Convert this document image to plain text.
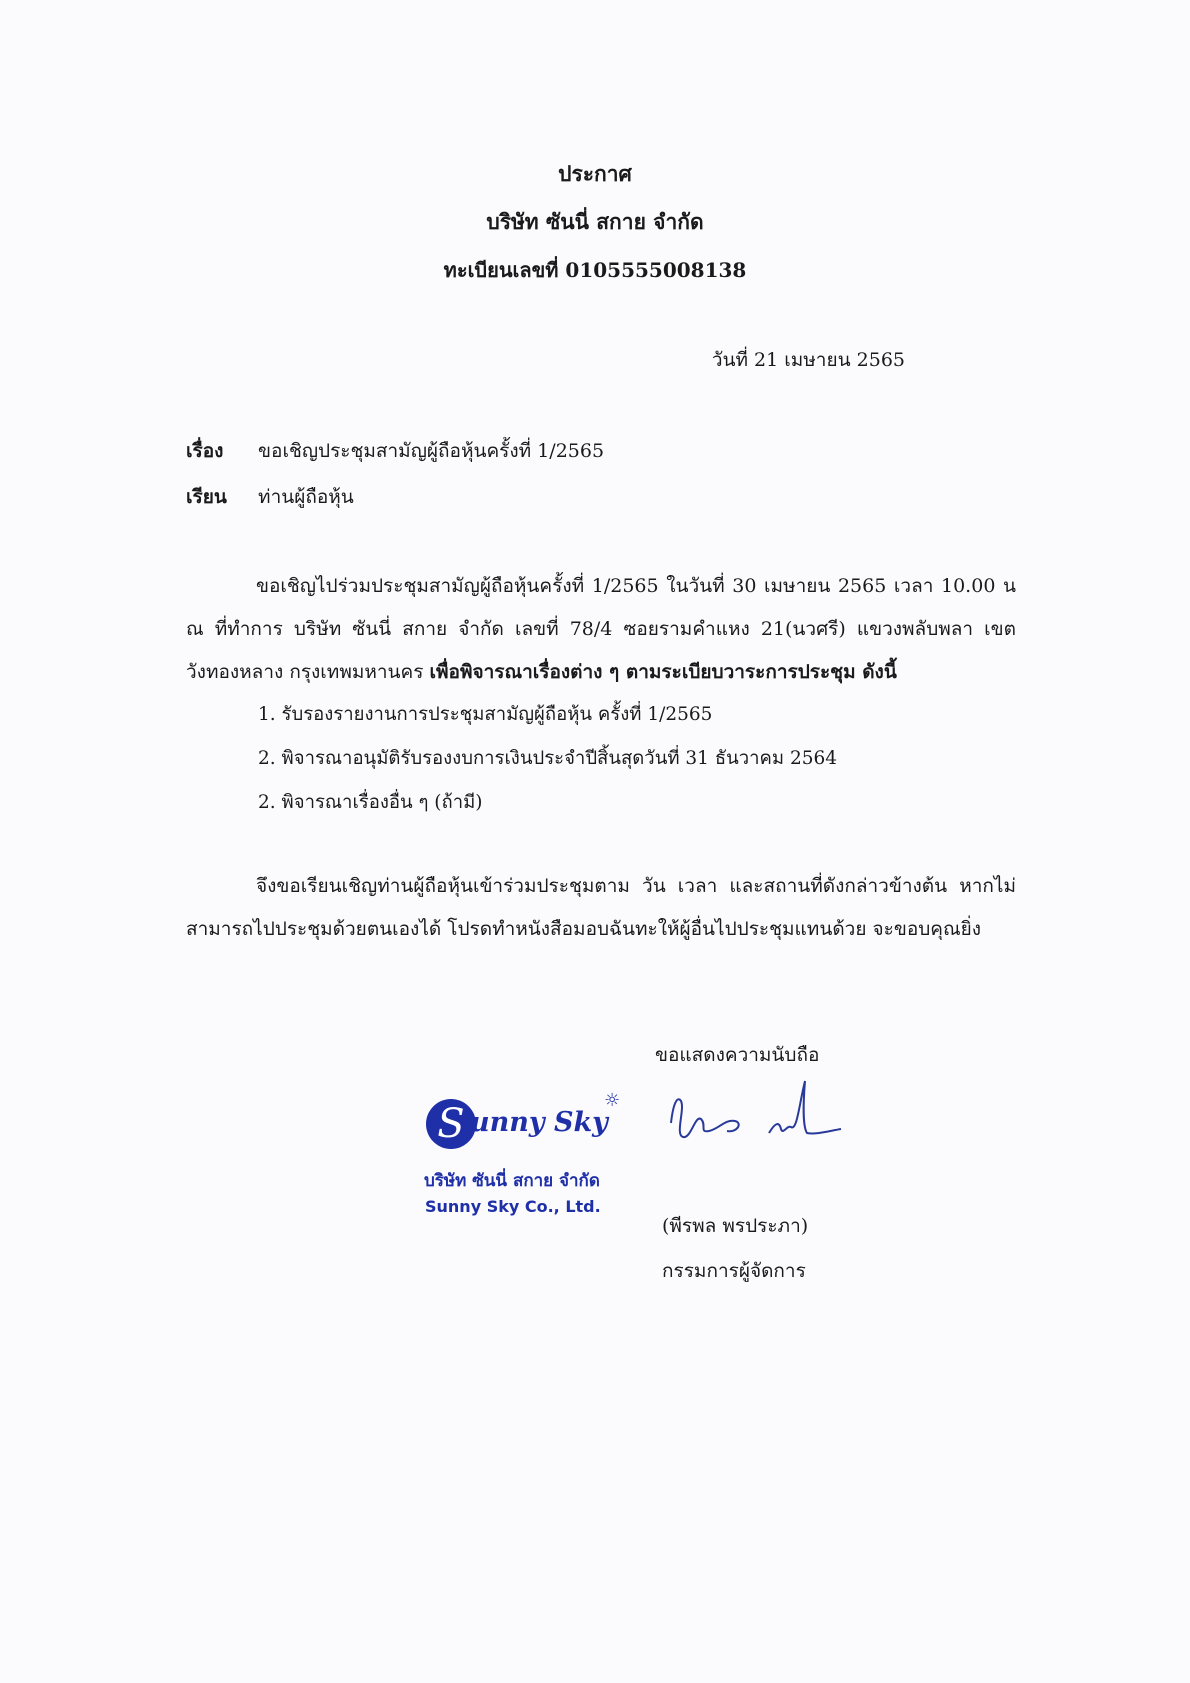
ประกาศ
บริษัท ซันนี่ สกาย จำกัด
ทะเบียนเลขที่ 0105555008138
วันที่ 21 เมษายน 2565
เรื่อง ขอเชิญประชุมสามัญผู้ถือหุ้นครั้งที่ 1/2565
เรียน ท่านผู้ถือหุ้น
ขอเชิญไปร่วมประชุมสามัญผู้ถือหุ้นครั้งที่ 1/2565 ในวันที่ 30 เมษายน 2565 เวลา 10.00 น ณ ที่ทำการ บริษัท ซันนี่ สกาย จำกัด เลขที่ 78/4 ซอยรามคำแหง 21(นวศรี) แขวงพลับพลา เขตวังทองหลาง กรุงเทพมหานคร เพื่อพิจารณาเรื่องต่าง ๆ ตามระเบียบวาระการประชุม ดังนี้
1. รับรองรายงานการประชุมสามัญผู้ถือหุ้น ครั้งที่ 1/2565
2. พิจารณาอนุมัติรับรองงบการเงินประจำปีสิ้นสุดวันที่ 31 ธันวาคม 2564
2. พิจารณาเรื่องอื่น ๆ (ถ้ามี)
จึงขอเรียนเชิญท่านผู้ถือหุ้นเข้าร่วมประชุมตาม วัน เวลา และสถานที่ดังกล่าวข้างต้น หากไม่สามารถไปประชุมด้วยตนเองได้ โปรดทำหนังสือมอบฉันทะให้ผู้อื่นไปประชุมแทนด้วย จะขอบคุณยิ่ง
ขอแสดงความนับถือ
S unny Sky
☼
บริษัท ซันนี่ สกาย จำกัด
Sunny Sky Co., Ltd.
(พีรพล พรประภา)
กรรมการผู้จัดการ
